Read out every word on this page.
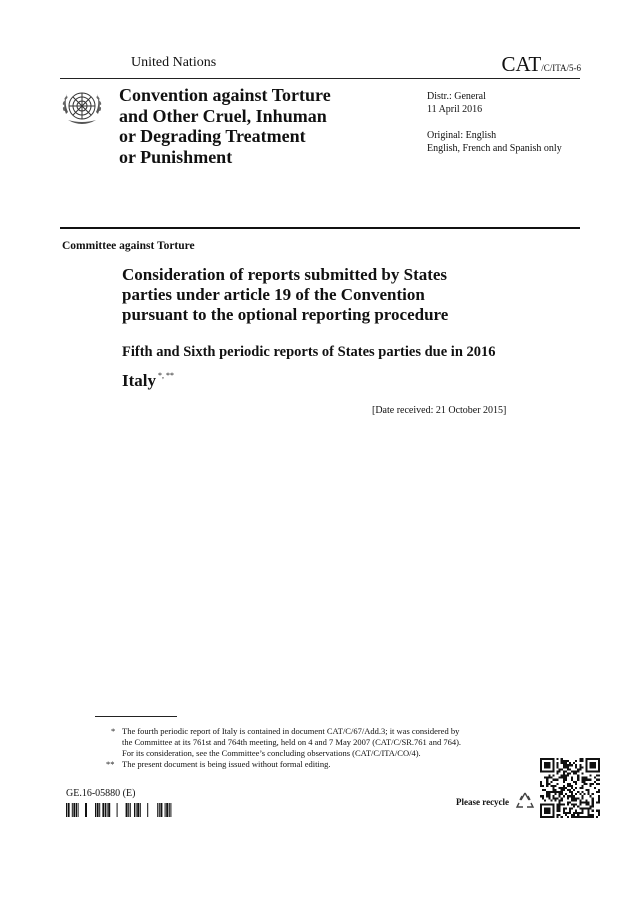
United Nations	CAT/C/ITA/5-6
Convention against Torture
and Other Cruel, Inhuman
or Degrading Treatment
or Punishment
Distr.: General
11 April 2016
Original: English
English, French and Spanish only
Committee against Torture
Consideration of reports submitted by States
parties under article 19 of the Convention
pursuant to the optional reporting procedure
Fifth and Sixth periodic reports of States parties due in 2016
Italy *, **
[Date received: 21 October 2015]
* The fourth periodic report of Italy is contained in document CAT/C/67/Add.3; it was considered by
the Committee at its 761st and 764th meeting, held on 4 and 7 May 2007 (CAT/C/SR.761 and 764).
For its consideration, see the Committee’s concluding observations (CAT/C/ITA/CO/4).
** The present document is being issued without formal editing.
GE.16-05880 (E)
Please recycle
